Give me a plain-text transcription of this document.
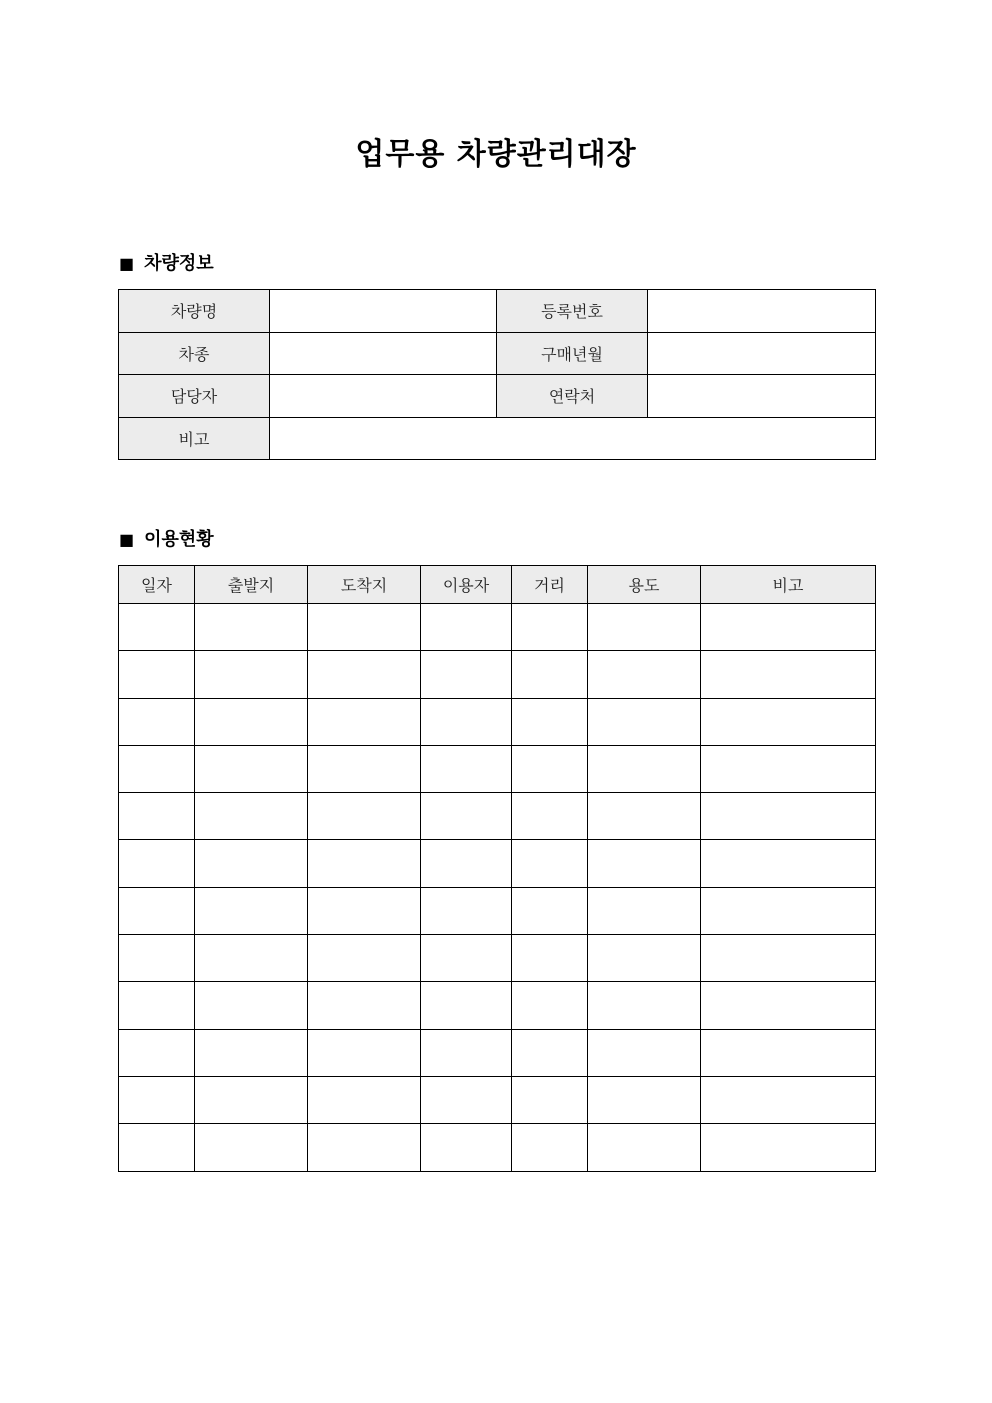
업무용 차량관리대장
■ 차량정보
차량명		등록번호	
차종		구매년월	
담당자		연락처	
비고			
■ 이용현황
일자	출발지	도착지	이용자	거리	용도	비고
